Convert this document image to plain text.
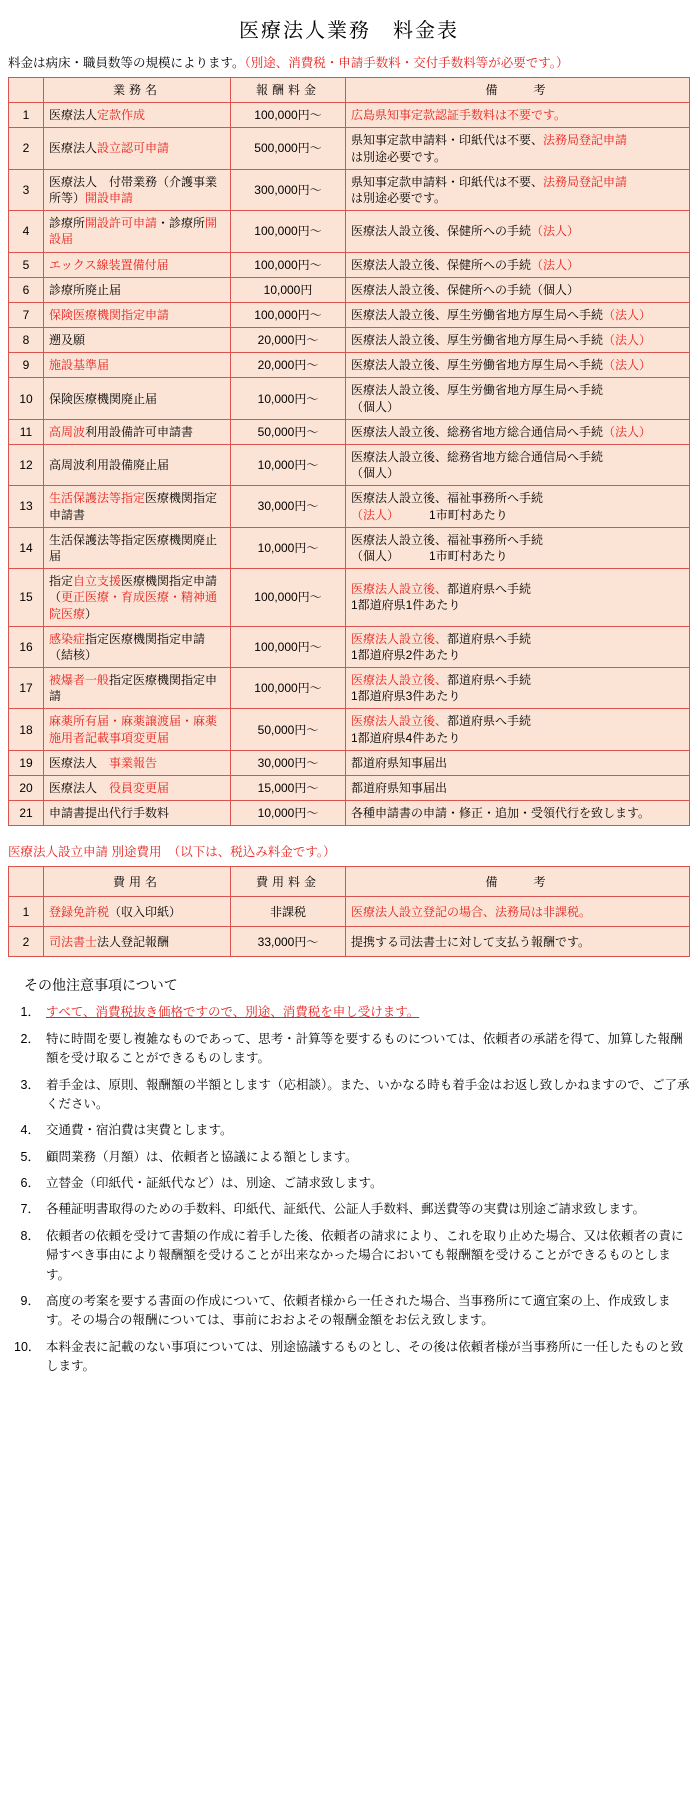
医療法人業務　料金表
料金は病床・職員数等の規模によります。（別途、消費税・申請手数料・交付手数料等が必要です。）
	業務名	報酬料金	備　　考
1	医療法人定款作成	100,000円〜	広島県知事定款認証手数料は不要です。
2	医療法人設立認可申請	500,000円〜	県知事定款申請料・印紙代は不要、法務局登記申請
は別途必要です。
3	医療法人　付帯業務（介護事業所等）開設申請	300,000円〜	県知事定款申請料・印紙代は不要、法務局登記申請
は別途必要です。
4	診療所開設許可申請・診療所開設届	100,000円〜	医療法人設立後、保健所への手続（法人）
5	エックス線装置備付届	100,000円〜	医療法人設立後、保健所への手続（法人）
6	診療所廃止届	10,000円	医療法人設立後、保健所への手続（個人）
7	保険医療機関指定申請	100,000円〜	医療法人設立後、厚生労働省地方厚生局へ手続（法人）
8	遡及願	20,000円〜	医療法人設立後、厚生労働省地方厚生局へ手続（法人）
9	施設基準届	20,000円〜	医療法人設立後、厚生労働省地方厚生局へ手続（法人）
10	保険医療機関廃止届	10,000円〜	医療法人設立後、厚生労働省地方厚生局へ手続
（個人）
11	高周波利用設備許可申請書	50,000円〜	医療法人設立後、総務省地方総合通信局へ手続（法人）
12	高周波利用設備廃止届	10,000円〜	医療法人設立後、総務省地方総合通信局へ手続
（個人）
13	生活保護法等指定医療機関指定申請書	30,000円〜	医療法人設立後、福祉事務所へ手続
（法人）　　　1市町村あたり
14	生活保護法等指定医療機関廃止届	10,000円〜	医療法人設立後、福祉事務所へ手続
（個人）　　　1市町村あたり
15	指定自立支援医療機関指定申請（更正医療・育成医療・精神通院医療）	100,000円〜	医療法人設立後、都道府県へ手続
1都道府県1件あたり
16	感染症指定医療機関指定申請（結核）	100,000円〜	医療法人設立後、都道府県へ手続
1都道府県2件あたり
17	被爆者一般指定医療機関指定申請	100,000円〜	医療法人設立後、都道府県へ手続
1都道府県3件あたり
18	麻薬所有届・麻薬譲渡届・麻薬施用者記載事項変更届	50,000円〜	医療法人設立後、都道府県へ手続
1都道府県4件あたり
19	医療法人　事業報告	30,000円〜	都道府県知事届出
20	医療法人　役員変更届	15,000円〜	都道府県知事届出
21	申請書提出代行手数料	10,000円〜	各種申請書の申請・修正・追加・受領代行を致します。
医療法人設立申請 別途費用　（以下は、税込み料金です。）
	費用名	費用料金	備　　考
1	登録免許税（収入印紙）	非課税	医療法人設立登記の場合、法務局は非課税。
2	司法書士法人登記報酬	33,000円〜	提携する司法書士に対して支払う報酬です。
その他注意事項について
1． すべて、消費税抜き価格ですので、別途、消費税を申し受けます。
2． 特に時間を要し複雑なものであって、思考・計算等を要するものについては、依頼者の承諾を得て、加算した報酬額を受け取ることができるものします。
3． 着手金は、原則、報酬額の半額とします（応相談）。また、いかなる時も着手金はお返し致しかねますので、ご了承ください。
4． 交通費・宿泊費は実費とします。
5． 顧問業務（月額）は、依頼者と協議による額とします。
6． 立替金（印紙代・証紙代など）は、別途、ご請求致します。
7． 各種証明書取得のための手数料、印紙代、証紙代、公証人手数料、郵送費等の実費は別途ご請求致します。
8． 依頼者の依頼を受けて書類の作成に着手した後、依頼者の請求により、これを取り止めた場合、又は依頼者の責に帰すべき事由により報酬額を受けることが出来なかった場合においても報酬額を受けることができるものとします。
9． 高度の考案を要する書面の作成について、依頼者様から一任された場合、当事務所にて適宜案の上、作成致します。その場合の報酬については、事前におおよその報酬金額をお伝え致します。
10． 本料金表に記載のない事項については、別途協議するものとし、その後は依頼者様が当事務所に一任したものと致します。
